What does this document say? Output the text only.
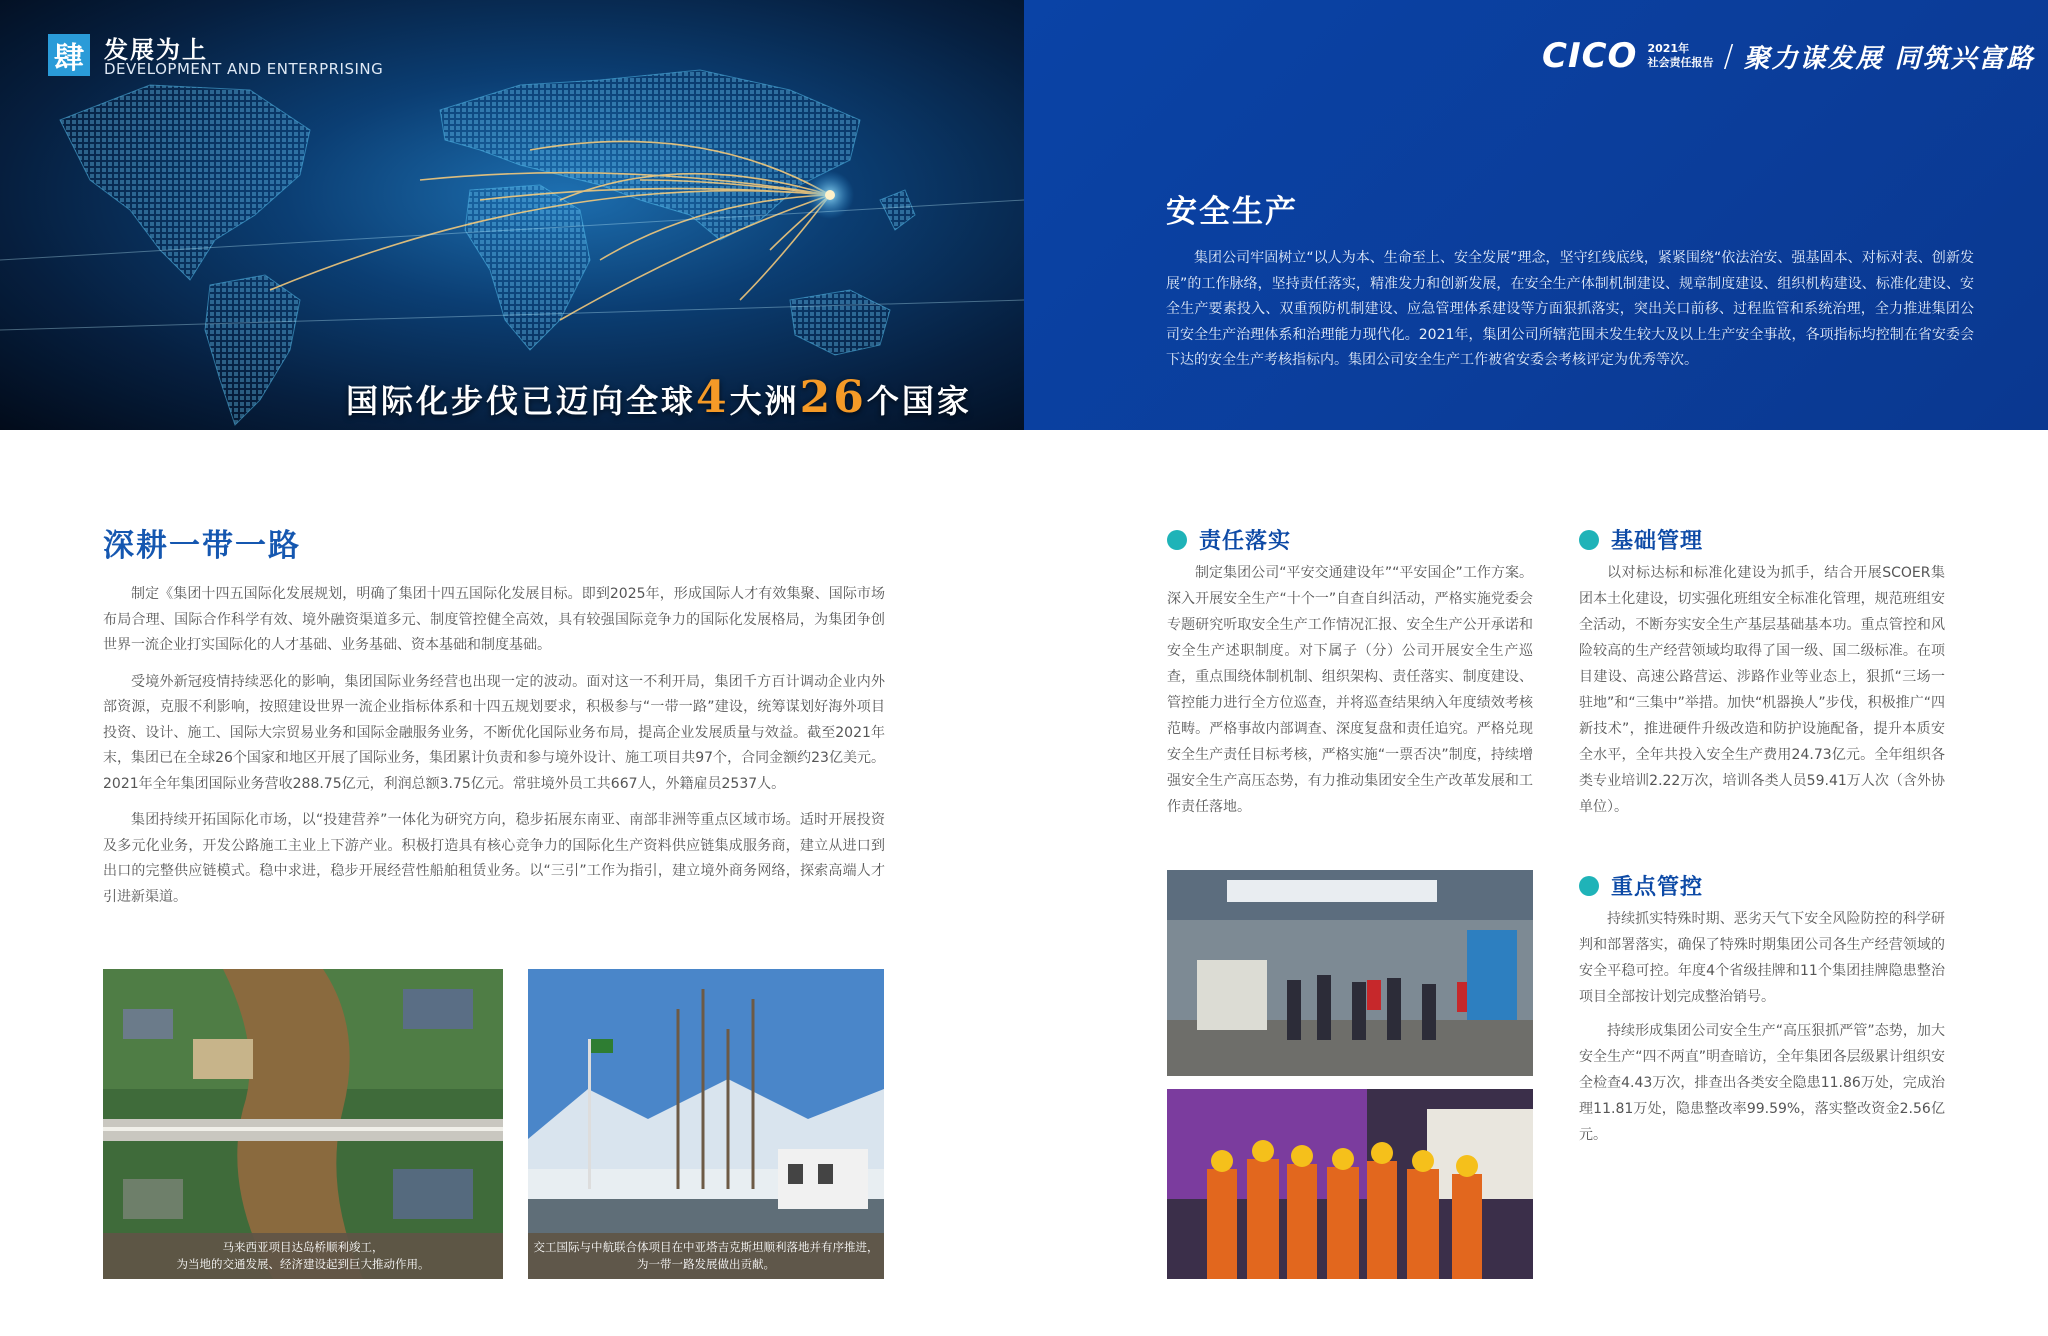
肆 发展为上
DEVELOPMENT AND ENTERPRISING
国际化步伐已迈向全球4大洲26个国家
CICO 2021年
社会责任报告 / 聚力谋发展 同筑兴富路
安全生产

集团公司牢固树立“以人为本、生命至上、安全发展”理念，坚守红线底线，紧紧围绕“依法治安、强基固本、对标对表、创新发展”的工作脉络，坚持责任落实，精准发力和创新发展，在安全生产体制机制建设、规章制度建设、组织机构建设、标准化建设、安全生产要素投入、双重预防机制建设、应急管理体系建设等方面狠抓落实，突出关口前移、过程监管和系统治理，全力推进集团公司安全生产治理体系和治理能力现代化。2021年，集团公司所辖范围未发生较大及以上生产安全事故，各项指标均控制在省安委会下达的安全生产考核指标内。集团公司安全生产工作被省安委会考核评定为优秀等次。

深耕一带一路

制定《集团十四五国际化发展规划，明确了集团十四五国际化发展目标。即到2025年，形成国际人才有效集聚、国际市场布局合理、国际合作科学有效、境外融资渠道多元、制度管控健全高效，具有较强国际竞争力的国际化发展格局，为集团争创世界一流企业打实国际化的人才基础、业务基础、资本基础和制度基础。

受境外新冠疫情持续恶化的影响，集团国际业务经营也出现一定的波动。面对这一不利开局，集团千方百计调动企业内外部资源，克服不利影响，按照建设世界一流企业指标体系和十四五规划要求，积极参与“一带一路”建设，统筹谋划好海外项目投资、设计、施工、国际大宗贸易业务和国际金融服务业务，不断优化国际业务布局，提高企业发展质量与效益。截至2021年末，集团已在全球26个国家和地区开展了国际业务，集团累计负责和参与境外设计、施工项目共97个，合同金额约23亿美元。2021年全年集团国际业务营收288.75亿元，利润总额3.75亿元。常驻境外员工共667人，外籍雇员2537人。

集团持续开拓国际化市场，以“投建营养”一体化为研究方向，稳步拓展东南亚、南部非洲等重点区域市场。适时开展投资及多元化业务，开发公路施工主业上下游产业。积极打造具有核心竞争力的国际化生产资料供应链集成服务商，建立从进口到出口的完整供应链模式。稳中求进，稳步开展经营性船舶租赁业务。以“三引”工作为指引，建立境外商务网络，探索高端人才引进新渠道。

马来西亚项目达岛桥顺利竣工，
为当地的交通发展、经济建设起到巨大推动作用。
交工国际与中航联合体项目在中亚塔吉克斯坦顺利落地并有序推进，
为一带一路发展做出贡献。
责任落实

制定集团公司“平安交通建设年”“平安国企”工作方案。深入开展安全生产“十个一”自查自纠活动，严格实施党委会专题研究听取安全生产工作情况汇报、安全生产公开承诺和安全生产述职制度。对下属子（分）公司开展安全生产巡查，重点围绕体制机制、组织架构、责任落实、制度建设、管控能力进行全方位巡查，并将巡查结果纳入年度绩效考核范畴。严格事故内部调查、深度复盘和责任追究。严格兑现安全生产责任目标考核，严格实施“一票否决”制度，持续增强安全生产高压态势，有力推动集团安全生产改革发展和工作责任落地。

基础管理

以对标达标和标准化建设为抓手，结合开展SCOER集团本土化建设，切实强化班组安全标准化管理，规范班组安全活动，不断夯实安全生产基层基础基本功。重点管控和风险较高的生产经营领域均取得了国一级、国二级标准。在项目建设、高速公路营运、涉路作业等业态上，狠抓“三场一驻地”和“三集中”举措。加快“机器换人”步伐，积极推广“四新技术”，推进硬件升级改造和防护设施配备，提升本质安全水平，全年共投入安全生产费用24.73亿元。全年组织各类专业培训2.22万次，培训各类人员59.41万人次（含外协单位）。

重点管控

持续抓实特殊时期、恶劣天气下安全风险防控的科学研判和部署落实，确保了特殊时期集团公司各生产经营领域的安全平稳可控。年度4个省级挂牌和11个集团挂牌隐患整治项目全部按计划完成整治销号。

持续形成集团公司安全生产“高压狠抓严管”态势，加大安全生产“四不两直”明查暗访，全年集团各层级累计组织安全检查4.43万次，排查出各类安全隐患11.86万处，完成治理11.81万处，隐患整改率99.59%，落实整改资金2.56亿元。
